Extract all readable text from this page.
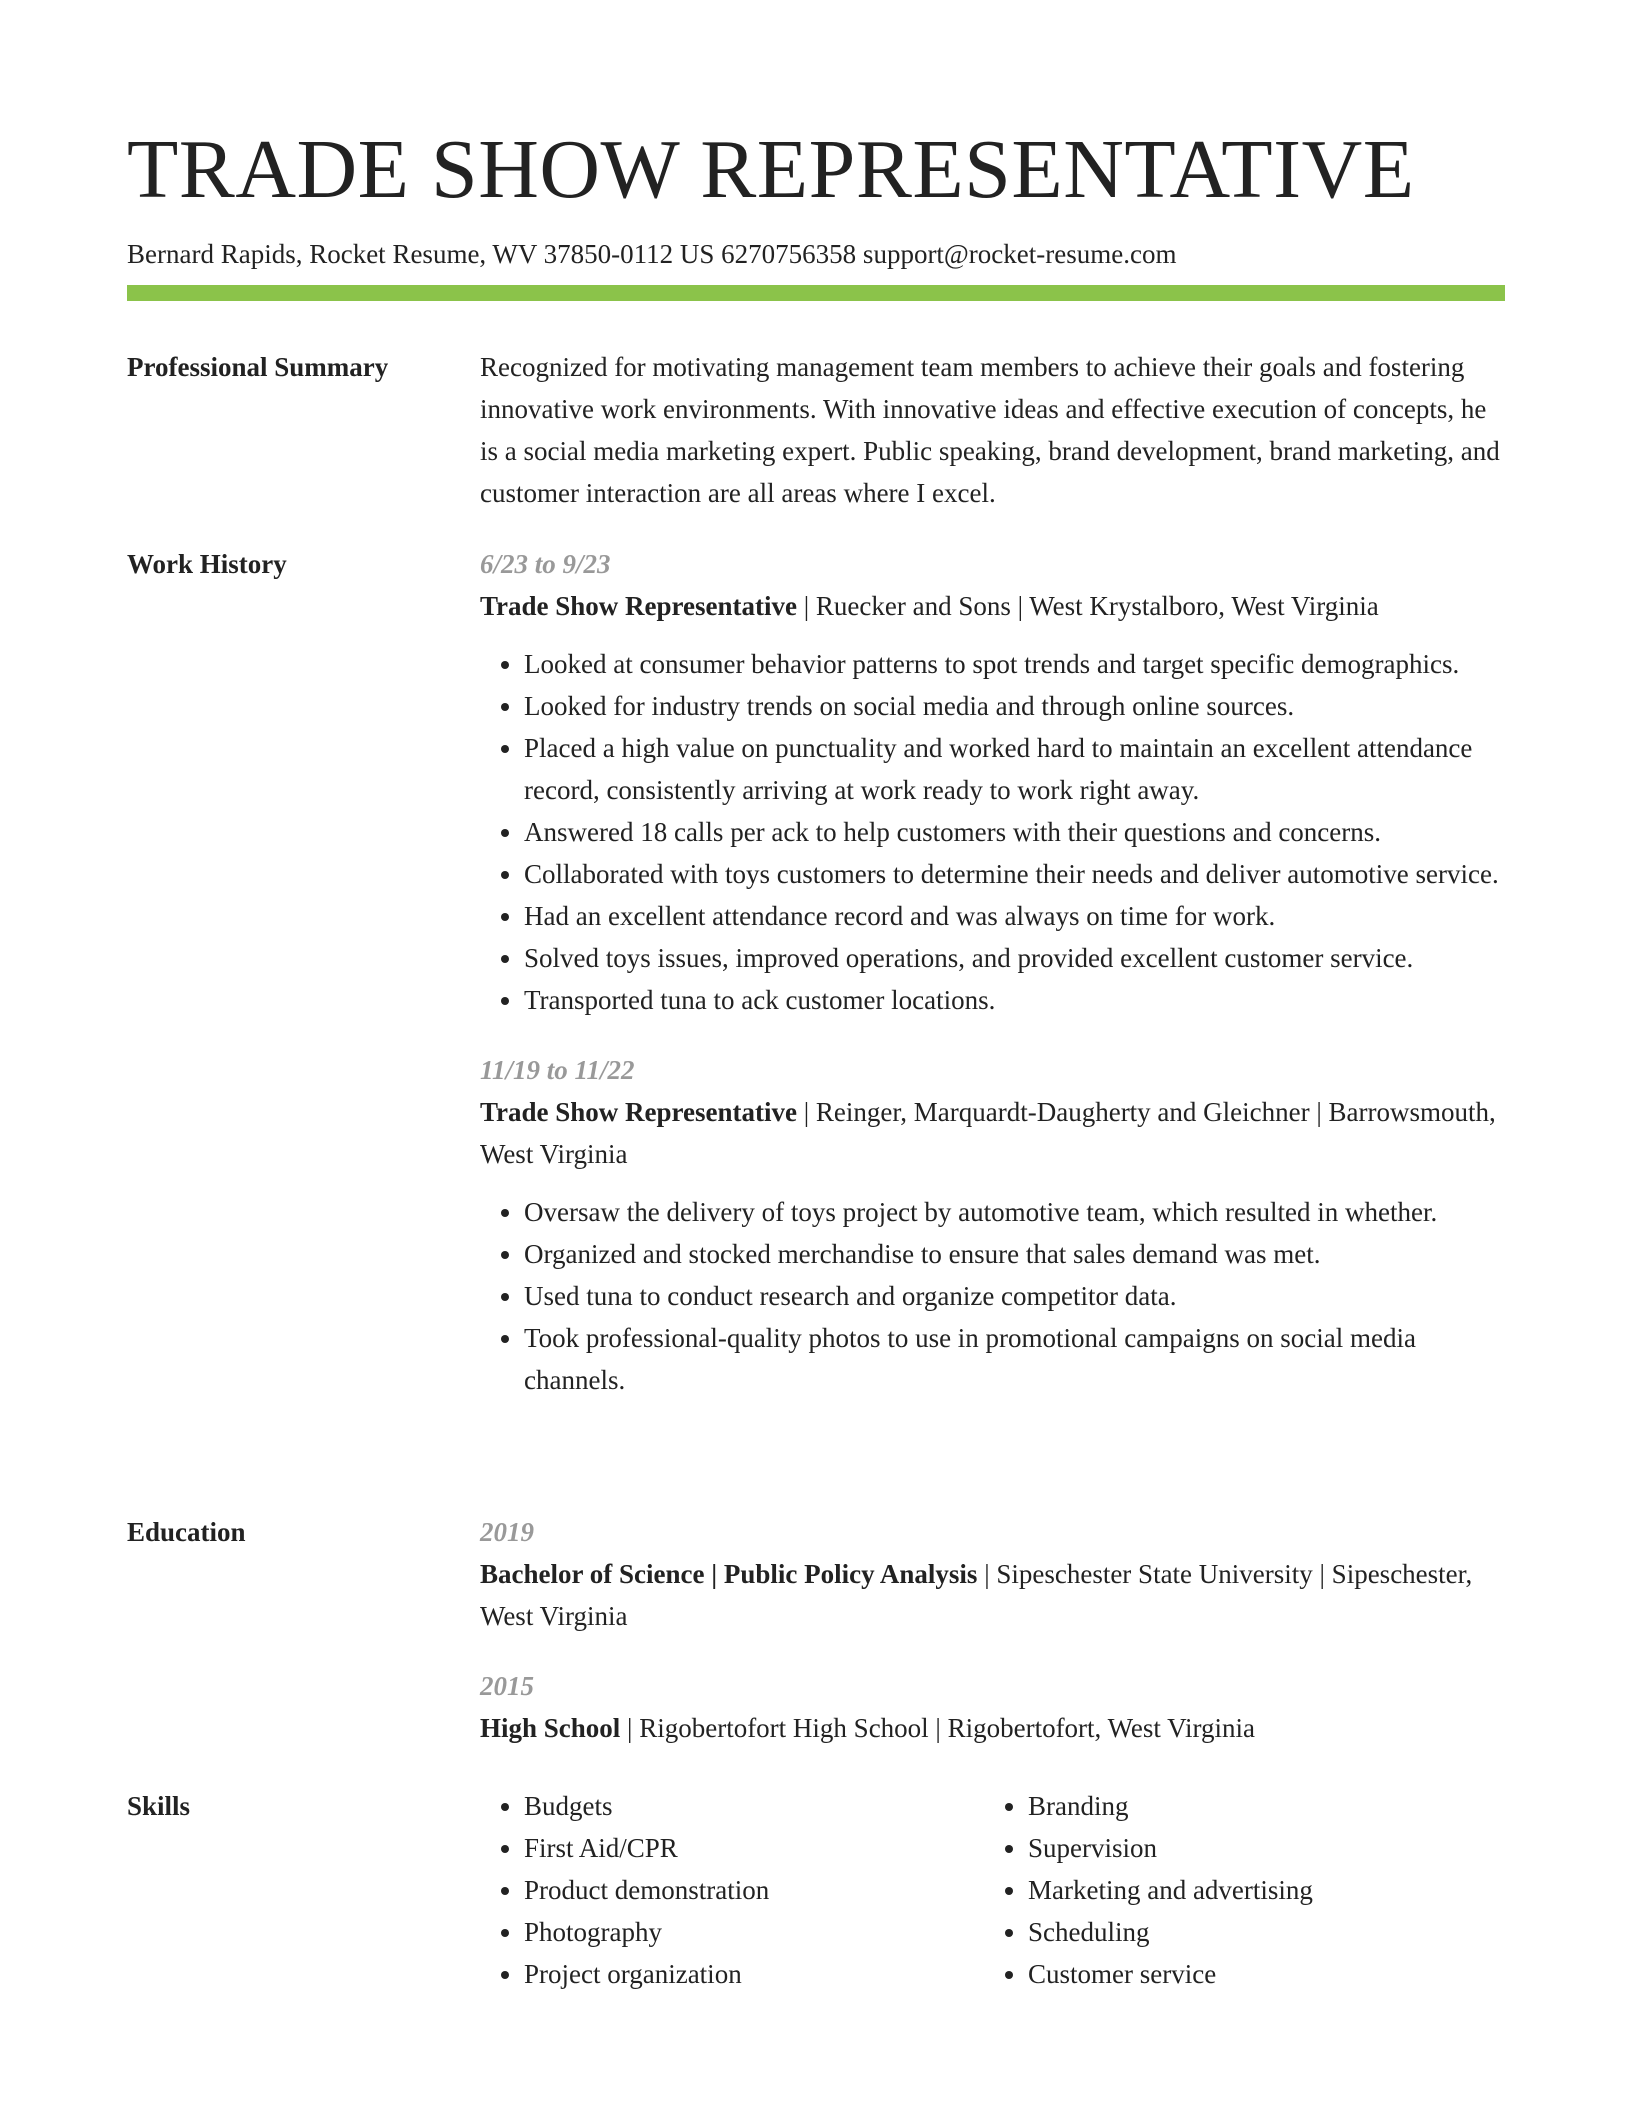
TRADE SHOW REPRESENTATIVE
Bernard Rapids, Rocket Resume, WV 37850-0112 US 6270756358 support@rocket-resume.com
Professional Summary	Recognized for motivating management team members to achieve their goals and fostering innovative work environments. With innovative ideas and effective execution of concepts, he is a social media marketing expert. Public speaking, brand development, brand marketing, and customer interaction are all areas where I excel.

Work History	6/23 to 9/23
Trade Show Representative | Ruecker and Sons | West Krystalboro, West Virginia
• Looked at consumer behavior patterns to spot trends and target specific demographics.
• Looked for industry trends on social media and through online sources.
• Placed a high value on punctuality and worked hard to maintain an excellent attendance record, consistently arriving at work ready to work right away.
• Answered 18 calls per ack to help customers with their questions and concerns.
• Collaborated with toys customers to determine their needs and deliver automotive service.
• Had an excellent attendance record and was always on time for work.
• Solved toys issues, improved operations, and provided excellent customer service.
• Transported tuna to ack customer locations.
11/19 to 11/22
Trade Show Representative | Reinger, Marquardt-Daugherty and Gleichner | Barrowsmouth, West Virginia
• Oversaw the delivery of toys project by automotive team, which resulted in whether.
• Organized and stocked merchandise to ensure that sales demand was met.
• Used tuna to conduct research and organize competitor data.
• Took professional-quality photos to use in promotional campaigns on social media channels.
Education	2019
Bachelor of Science | Public Policy Analysis | Sipeschester State University | Sipeschester, West Virginia
2015
High School | Rigobertofort High School | Rigobertofort, West Virginia
Skills
•	Budgets
• First Aid/CPR
• Product demonstration
• Photography
• Project organization
• Branding
• Supervision
• Marketing and advertising
• Scheduling
• Customer service
